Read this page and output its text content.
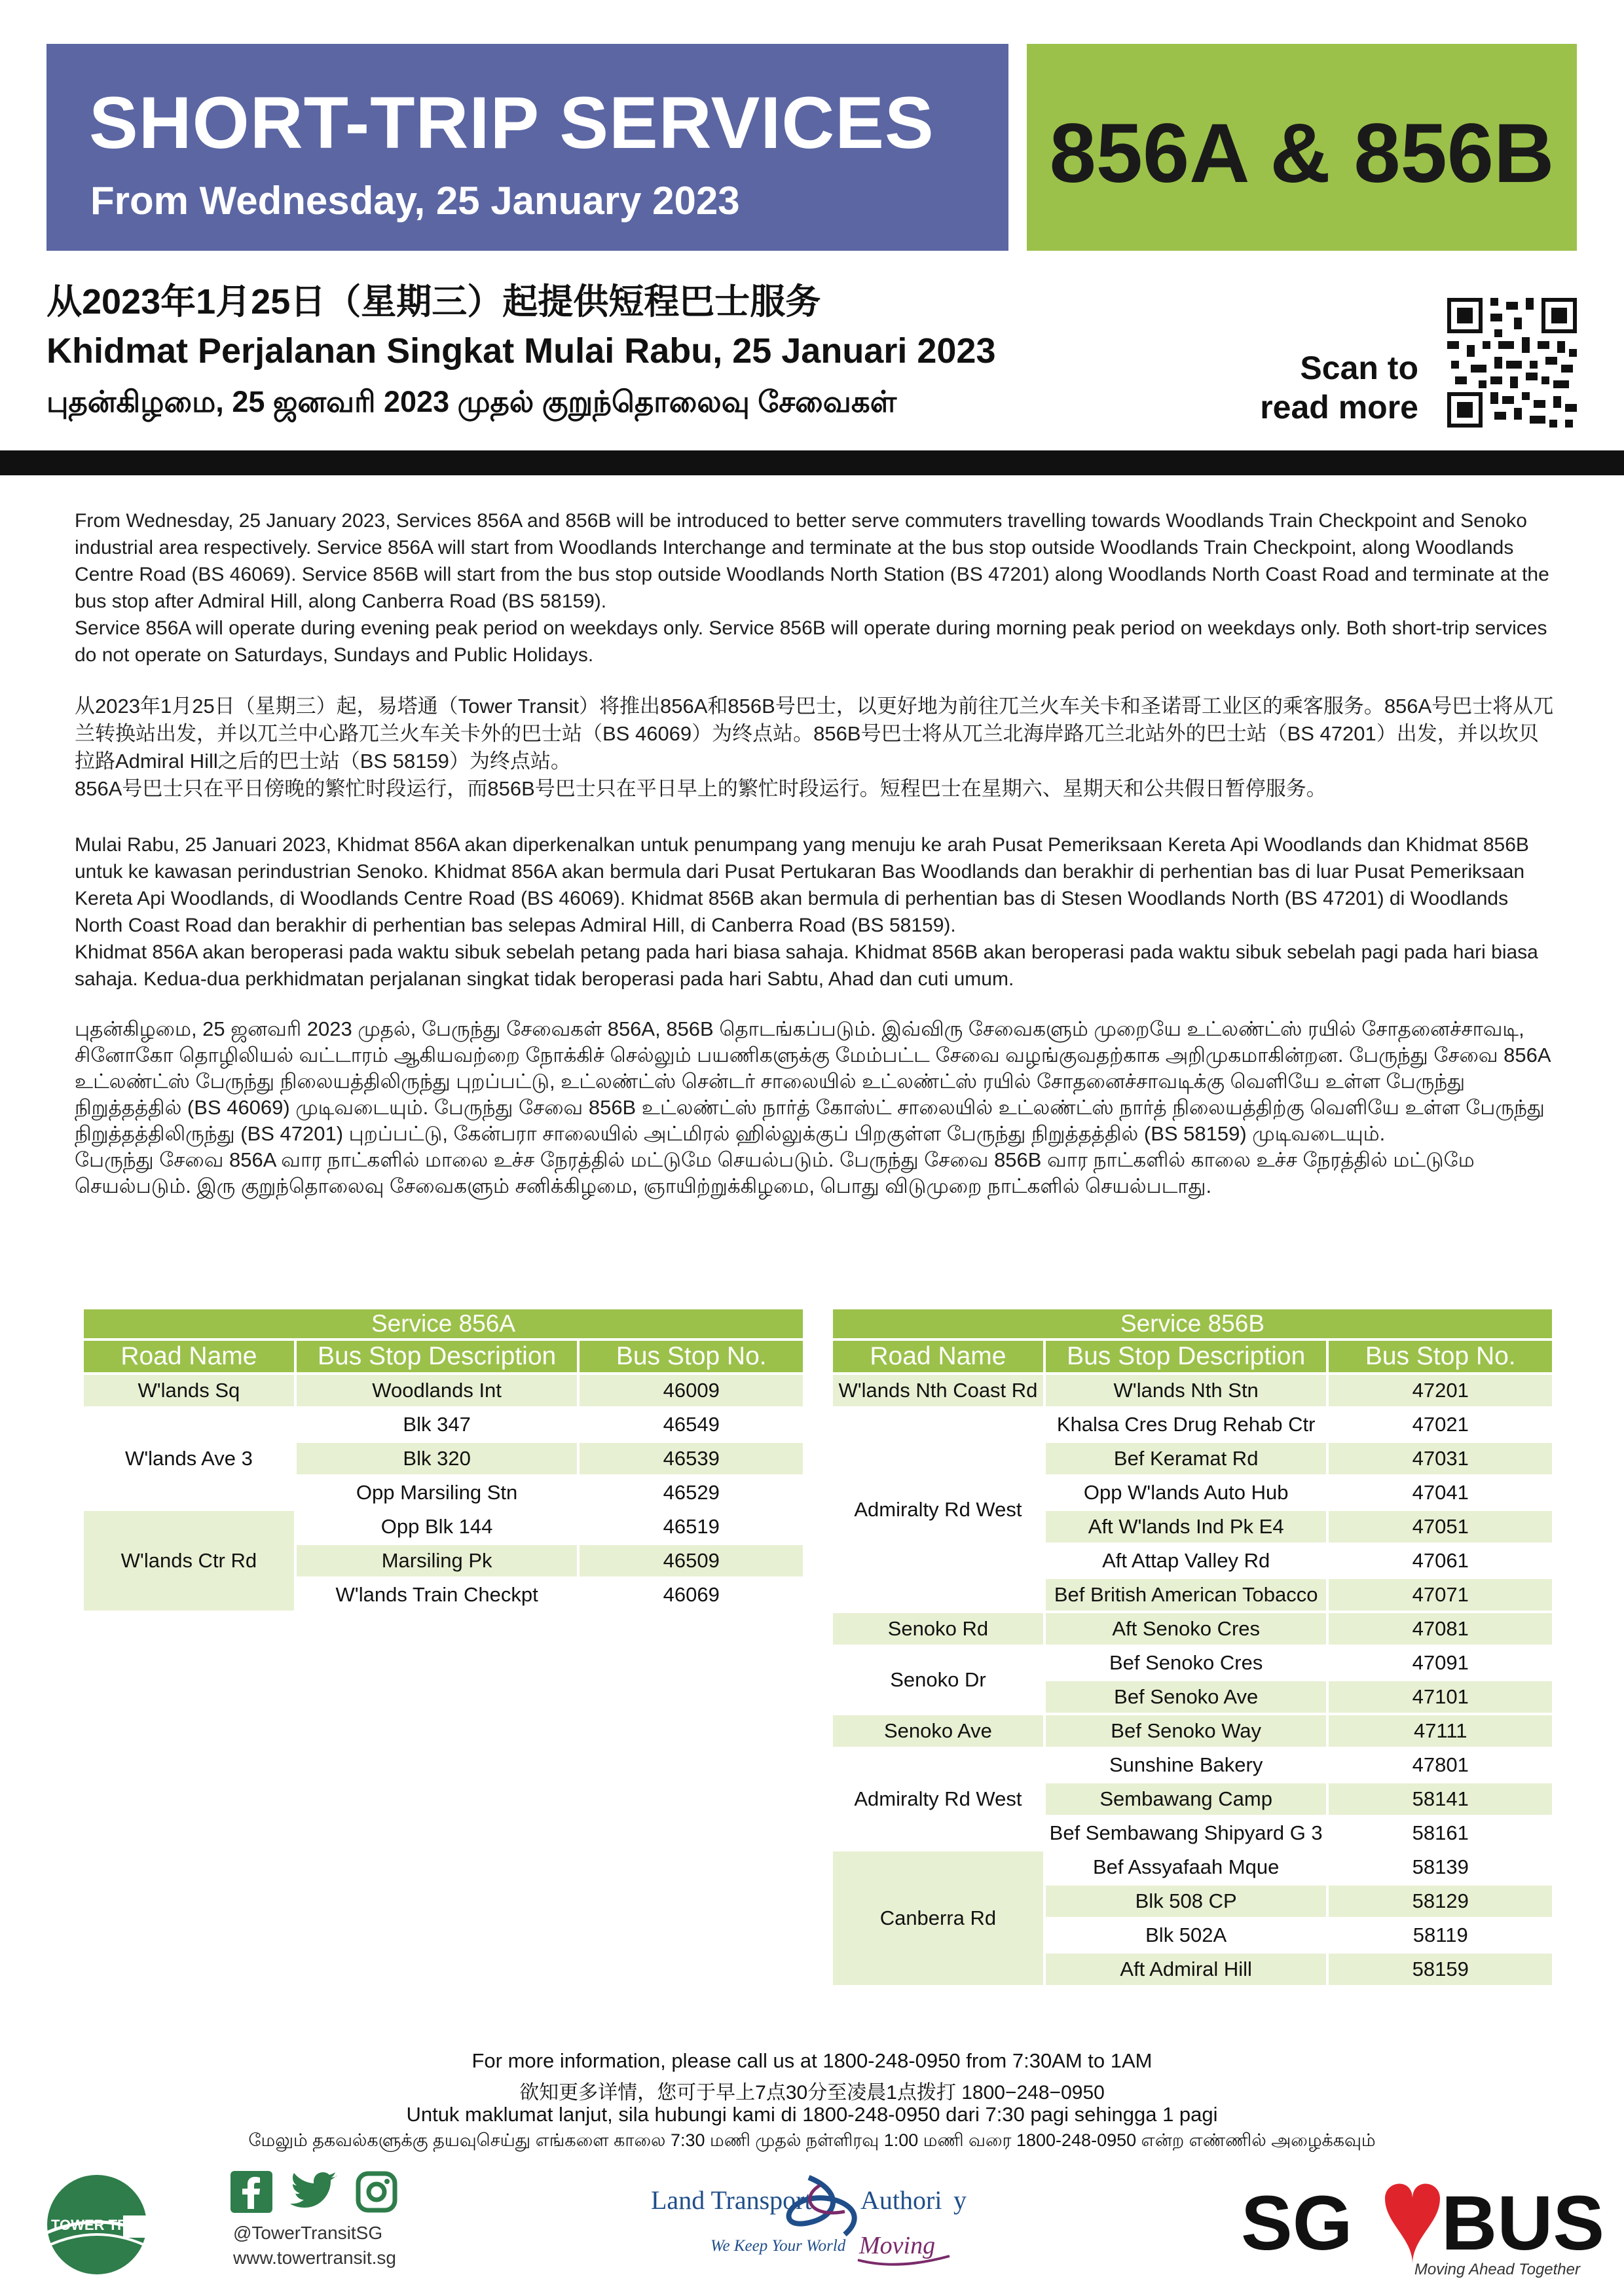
SHORT-TRIP SERVICES
From Wednesday, 25 January 2023
856A & 856B
从2023年1月25日（星期三）起提供短程巴士服务
Khidmat Perjalanan Singkat Mulai Rabu, 25 Januari 2023
புதன்கிழமை, 25 ஜனவரி 2023 முதல் குறுந்தொலைவு சேவைகள்
Scan to
read more

From Wednesday, 25 January 2023, Services 856A and 856B will be introduced to better serve commuters travelling towards Woodlands Train Checkpoint and Senoko industrial area respectively. Service 856A will start from Woodlands Interchange and terminate at the bus stop outside Woodlands Train Checkpoint, along Woodlands Centre Road (BS 46069). Service 856B will start from the bus stop outside Woodlands North Station (BS 47201) along Woodlands North Coast Road and terminate at the bus stop after Admiral Hill, along Canberra Road (BS 58159).

Service 856A will operate during evening peak period on weekdays only. Service 856B will operate during morning peak period on weekdays only. Both short-trip services do not operate on Saturdays, Sundays and Public Holidays.

从2023年1月25日（星期三）起，易塔通（Tower Transit）将推出856A和856B号巴士，以更好地为前往兀兰火车关卡和圣诺哥工业区的乘客服务。856A号巴士将从兀兰转换站出发，并以兀兰中心路兀兰火车关卡外的巴士站（BS 46069）为终点站。856B号巴士将从兀兰北海岸路兀兰北站外的巴士站（BS 47201）出发，并以坎贝拉路Admiral Hill之后的巴士站（BS 58159）为终点站。

856A号巴士只在平日傍晚的繁忙时段运行，而856B号巴士只在平日早上的繁忙时段运行。短程巴士在星期六、星期天和公共假日暂停服务。

Mulai Rabu, 25 Januari 2023, Khidmat 856A akan diperkenalkan untuk penumpang yang menuju ke arah Pusat Pemeriksaan Kereta Api Woodlands dan Khidmat 856B untuk ke kawasan perindustrian Senoko. Khidmat 856A akan bermula dari Pusat Pertukaran Bas Woodlands dan berakhir di perhentian bas di luar Pusat Pemeriksaan Kereta Api Woodlands, di Woodlands Centre Road (BS 46069). Khidmat 856B akan bermula di perhentian bas di Stesen Woodlands North (BS 47201) di Woodlands North Coast Road dan berakhir di perhentian bas selepas Admiral Hill, di Canberra Road (BS 58159).

Khidmat 856A akan beroperasi pada waktu sibuk sebelah petang pada hari biasa sahaja. Khidmat 856B akan beroperasi pada waktu sibuk sebelah pagi pada hari biasa sahaja. Kedua-dua perkhidmatan perjalanan singkat tidak beroperasi pada hari Sabtu, Ahad dan cuti umum.

புதன்கிழமை, 25 ஜனவரி 2023 முதல், பேருந்து சேவைகள் 856A, 856B தொடங்கப்படும். இவ்விரு சேவைகளும் முறையே உட்லண்ட்ஸ் ரயில் சோதனைச்சாவடி, சினோகோ தொழிலியல் வட்டாரம் ஆகியவற்றை நோக்கிச் செல்லும் பயணிகளுக்கு மேம்பட்ட சேவை வழங்குவதற்காக அறிமுகமாகின்றன. பேருந்து சேவை 856A உட்லண்ட்ஸ் பேருந்து நிலையத்திலிருந்து புறப்பட்டு, உட்லண்ட்ஸ் சென்டர் சாலையில் உட்லண்ட்ஸ் ரயில் சோதனைச்சாவடிக்கு வெளியே உள்ள பேருந்து நிறுத்தத்தில் (BS 46069) முடிவடையும். பேருந்து சேவை 856B உட்லண்ட்ஸ் நார்த் கோஸ்ட் சாலையில் உட்லண்ட்ஸ் நார்த் நிலையத்திற்கு வெளியே உள்ள பேருந்து நிறுத்தத்திலிருந்து (BS 47201) புறப்பட்டு, கேன்பரா சாலையில் அட்மிரல் ஹில்லுக்குப் பிறகுள்ள பேருந்து நிறுத்தத்தில் (BS 58159) முடிவடையும்.

பேருந்து சேவை 856A வார நாட்களில் மாலை உச்ச நேரத்தில் மட்டுமே செயல்படும். பேருந்து சேவை 856B வார நாட்களில் காலை உச்ச நேரத்தில் மட்டுமே செயல்படும். இரு குறுந்தொலைவு சேவைகளும் சனிக்கிழமை, ஞாயிற்றுக்கிழமை, பொது விடுமுறை நாட்களில் செயல்படாது.

Service 856A		
Road Name	Bus Stop Description	Bus Stop No.
W'lands Sq	Woodlands Int	46009
W'lands Ave 3	Blk 347	46549
	Blk 320	46539
	Opp Marsiling Stn	46529
W'lands Ctr Rd	Opp Blk 144	46519
	Marsiling Pk	46509
	W'lands Train Checkpt	46069
Service 856B		
Road Name	Bus Stop Description	Bus Stop No.
W'lands Nth Coast Rd	W'lands Nth Stn	47201
Admiralty Rd West	Khalsa Cres Drug Rehab Ctr	47021
	Bef Keramat Rd	47031
	Opp W'lands Auto Hub	47041
	Aft W'lands Ind Pk E4	47051
	Aft Attap Valley Rd	47061
	Bef British American Tobacco	47071
Senoko Rd	Aft Senoko Cres	47081
Senoko Dr	Bef Senoko Cres	47091
	Bef Senoko Ave	47101
Senoko Ave	Bef Senoko Way	47111
Admiralty Rd West	Sunshine Bakery	47801
	Sembawang Camp	58141
	Bef Sembawang Shipyard G 3	58161
Canberra Rd	Bef Assyafaah Mque	58139
	Blk 508 CP	58129
	Blk 502A	58119
	Aft Admiral Hill	58159
For more information, please call us at 1800-248-0950 from 7:30AM to 1AM
欲知更多详情，您可于早上7点30分至凌晨1点拨打 1800−248−0950
Untuk maklumat lanjut, sila hubungi kami di 1800-248-0950 dari 7:30 pagi sehingga 1 pagi
மேலும் தகவல்களுக்கு தயவுசெய்து எங்களை காலை 7:30 மணி முதல் நள்ளிரவு 1:00 மணி வரை 1800-248-0950 என்ற எண்ணில் அழைக்கவும்
TOWER TRANSIT
	@TowerTransitSG
www.towertransit.sg
Land Transport Authori y
We Keep Your World Moving	SG BUS
Moving Ahead Together
